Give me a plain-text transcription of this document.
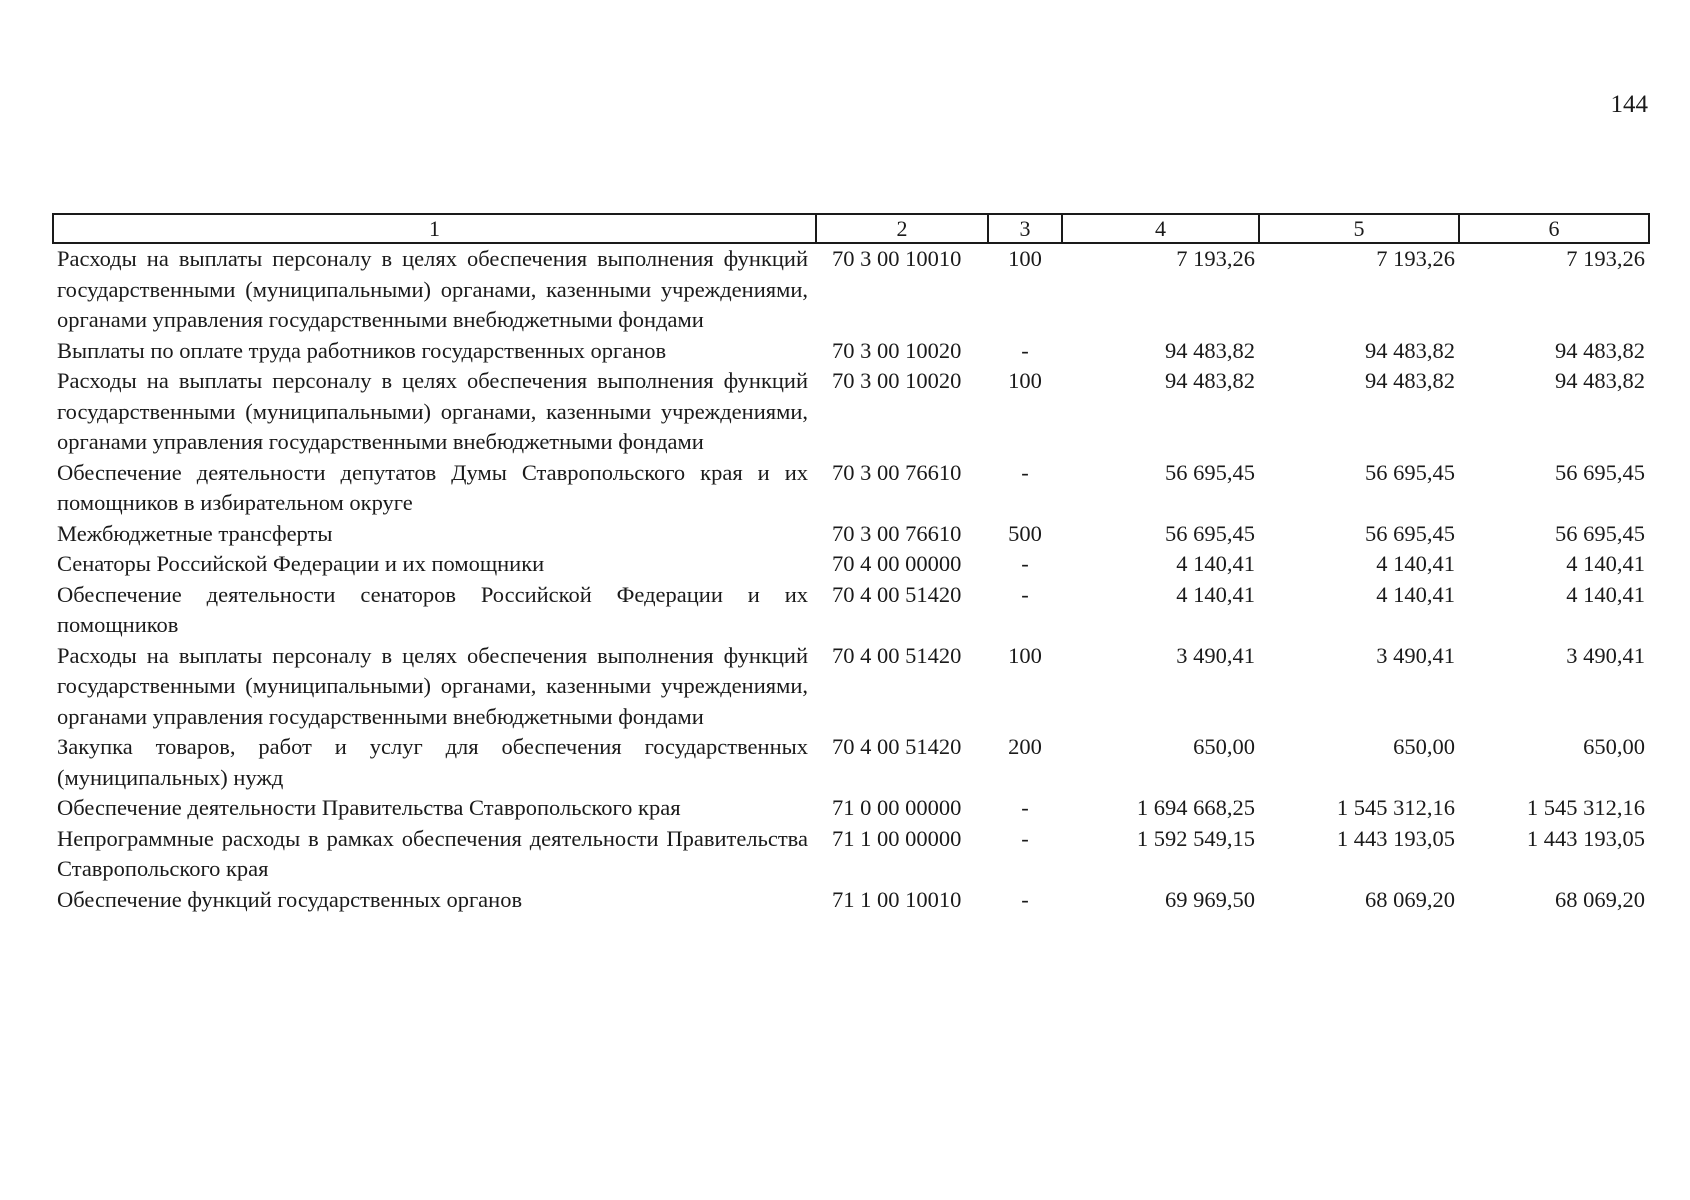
144
1	2	3	4	5	6
Расходы на выплаты персоналу в целях обеспечения выполнения функций государственными (муниципальными) органами, казенными учреждениями, органами управления государственными внебюджетными фондами	70 3 00 10010	100	7 193,26	7 193,26	7 193,26
Выплаты по оплате труда работников государственных органов	70 3 00 10020	-	94 483,82	94 483,82	94 483,82
Расходы на выплаты персоналу в целях обеспечения выполнения функций государственными (муниципальными) органами, казенными учреждениями, органами управления государственными внебюджетными фондами	70 3 00 10020	100	94 483,82	94 483,82	94 483,82
Обеспечение деятельности депутатов Думы Ставропольского края и их помощников в избирательном округе	70 3 00 76610	-	56 695,45	56 695,45	56 695,45
Межбюджетные трансферты	70 3 00 76610	500	56 695,45	56 695,45	56 695,45
Сенаторы Российской Федерации и их помощники	70 4 00 00000	-	4 140,41	4 140,41	4 140,41
Обеспечение деятельности сенаторов Российской Федерации и их помощников	70 4 00 51420	-	4 140,41	4 140,41	4 140,41
Расходы на выплаты персоналу в целях обеспечения выполнения функций государственными (муниципальными) органами, казенными учреждениями, органами управления государственными внебюджетными фондами	70 4 00 51420	100	3 490,41	3 490,41	3 490,41
Закупка товаров, работ и услуг для обеспечения государственных (муниципальных) нужд	70 4 00 51420	200	650,00	650,00	650,00
Обеспечение деятельности Правительства Ставропольского края	71 0 00 00000	-	1 694 668,25	1 545 312,16	1 545 312,16
Непрограммные расходы в рамках обеспечения деятельности Правительства Ставропольского края	71 1 00 00000	-	1 592 549,15	1 443 193,05	1 443 193,05
Обеспечение функций государственных органов	71 1 00 10010	-	69 969,50	68 069,20	68 069,20
